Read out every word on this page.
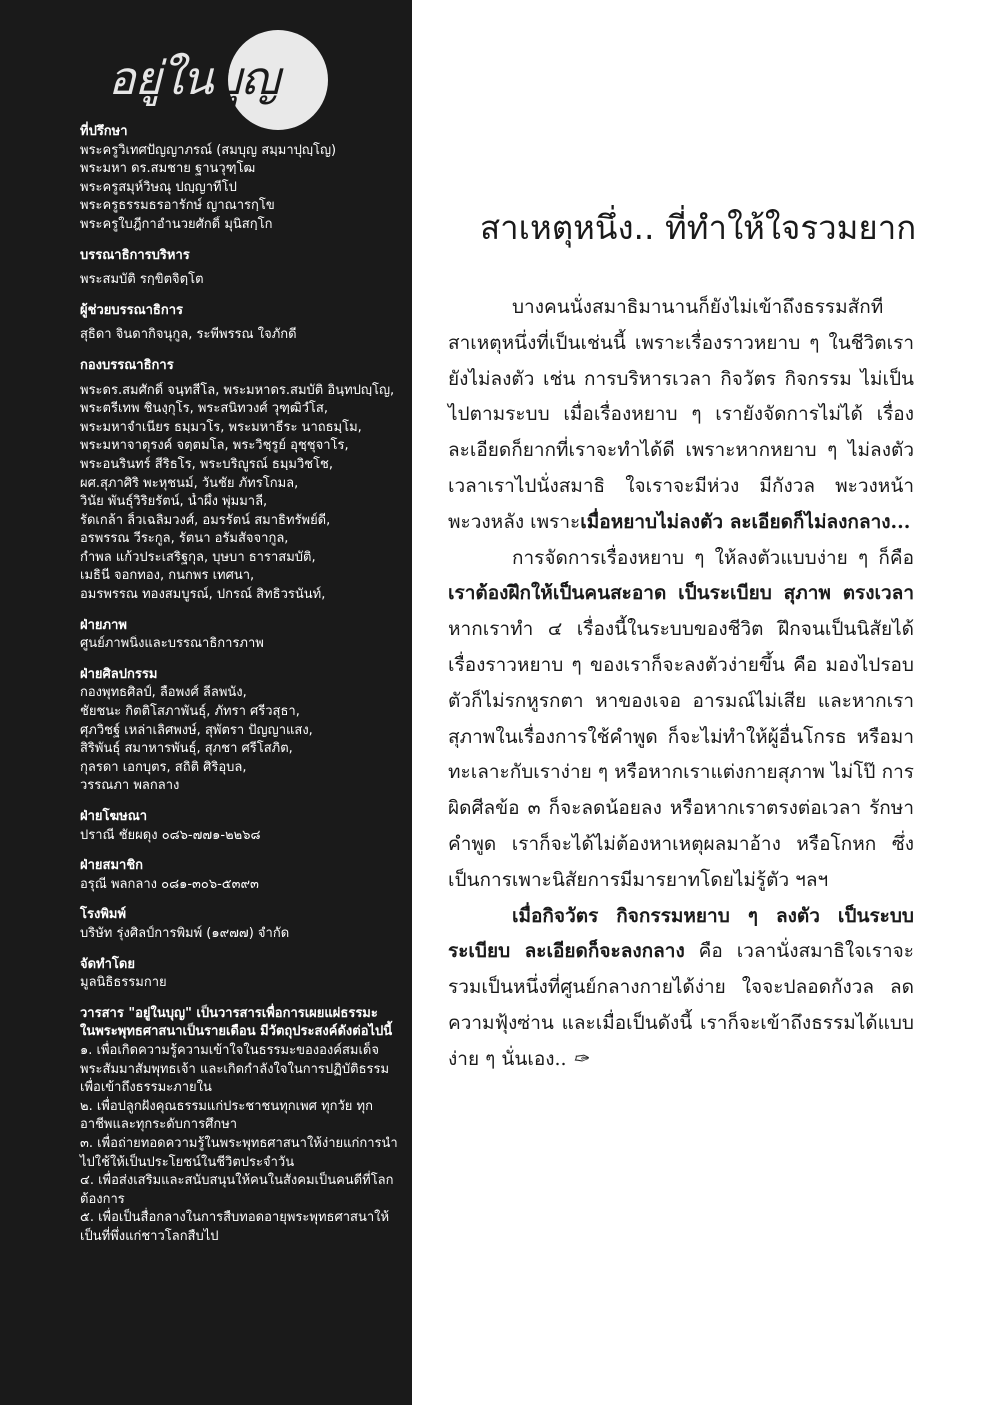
อยู่ในบุญ

ที่ปรึกษา

พระครูวิเทศปัญญาภรณ์ (สมบุญ สมฺมาปุญฺโญ)

พระมหา ดร.สมชาย ฐานวุฑฺโฒ

พระครูสมุห์วิษณุ ปญฺญาทีโป

พระครูธรรมธรอารักษ์ ญาณารกฺโข

พระครูใบฎีกาอำนวยศักดิ์ มุนิสกฺโก

บรรณาธิการบริหาร

พระสมบัติ รกฺขิตจิตฺโต

ผู้ช่วยบรรณาธิการ

สุธิดา จินดากิจนุกูล, ระพีพรรณ ใจภักดี

กองบรรณาธิการ

พระดร.สมศักดิ์ จนฺทสีโล, พระมหาดร.สมบัติ อินฺทปญฺโญ,

พระตรีเทพ ชินงฺกุโร, พระสนิทวงศ์ วุฑฺฒิวํโส,

พระมหาจำเนียร ธมฺมวโร, พระมหาธีระ นาถธมฺโม,

พระมหาจาตุรงค์ จตฺตมโล, พระวิชฺรูย์ อุชฺชุจาโร,

พระอนรินทร์ สีริธโร, พระบริญูรณ์ ธมฺมวิชโช,

ผศ.สุภาศิริ พะหุชนม์, วันชัย ภัทรโกมล,

วินัย พันธุ์วิริยรัตน์, น้ำผึ้ง พุ่มมาลี,

รัดเกล้า ลิ้วเฉลิมวงศ์, อมรรัตน์ สมาธิทรัพย์ดี,

อรพรรณ วีระกูล, รัตนา อรัมสัจจากูล,

กำพล แก้วประเสริฐกุล, บุษบา ธาราสมบัติ,

เมธินี จอกทอง, กนกพร เทศนา,

อมรพรรณ ทองสมบูรณ์, ปกรณ์ สิทธิวรนันท์,

ฝ่ายภาพ

ศูนย์ภาพนิ่งและบรรณาธิการภาพ

ฝ่ายศิลปกรรม

กองพุทธศิลป์, ลือพงศ์ ลีลพนัง,

ชัยชนะ กิตติโสภาพันธุ์, ภัทรา ศรีวสุธา,

ศุภวิชฐ์ เหล่าเลิศพงษ์, สุพัตรา ปัญญาแสง,

สิริพันธุ์ สมาหารพันธุ์, สุภชา ศรีโสภิต,

กุลรดา เอกบุตร, สถิติ ศิริอุบล,

วรรณภา พลกลาง

ฝ่ายโฆษณา

ปราณี ชัยผดุง ๐๘๖-๗๗๑-๒๒๖๘

ฝ่ายสมาชิก

อรุณี พลกลาง ๐๘๑-๓๐๖-๕๓๙๓

โรงพิมพ์

บริษัท รุ่งศิลป์การพิมพ์ (๑๙๗๗) จำกัด

จัดทำโดย

มูลนิธิธรรมกาย

วารสาร "อยู่ในบุญ" เป็นวารสารเพื่อการเผยแผ่ธรรมะ

ในพระพุทธศาสนาเป็นรายเดือน มีวัตถุประสงค์ดังต่อไปนี้

๑. เพื่อเกิดความรู้ความเข้าใจในธรรมะขององค์สมเด็จพระสัมมาสัมพุทธเจ้า และเกิดกำลังใจในการปฏิบัติธรรม เพื่อเข้าถึงธรรมะภายใน

๒. เพื่อปลูกฝังคุณธรรมแก่ประชาชนทุกเพศ ทุกวัย ทุกอาชีพและทุกระดับการศึกษา

๓. เพื่อถ่ายทอดความรู้ในพระพุทธศาสนาให้ง่ายแก่การนำไปใช้ให้เป็นประโยชน์ในชีวิตประจำวัน

๔. เพื่อส่งเสริมและสนับสนุนให้คนในสังคมเป็นคนดีที่โลกต้องการ

๕. เพื่อเป็นสื่อกลางในการสืบทอดอายุพระพุทธศาสนาให้เป็นที่พึ่งแก่ชาวโลกสืบไป

สาเหตุหนึ่ง.. ที่ทำให้ใจรวมยาก

บางคนนั่งสมาธิมานานก็ยังไม่เข้าถึงธรรมสักที สาเหตุหนึ่งที่เป็นเช่นนี้ เพราะเรื่องราวหยาบ ๆ ในชีวิตเรายังไม่ลงตัว เช่น การบริหารเวลา กิจวัตร กิจกรรม ไม่เป็นไปตามระบบ เมื่อเรื่องหยาบ ๆ เรายังจัดการไม่ได้ เรื่องละเอียดก็ยากที่เราจะทำได้ดี เพราะหากหยาบ ๆ ไม่ลงตัว เวลาเราไปนั่งสมาธิ ใจเราจะมีห่วง มีกังวล พะวงหน้าพะวงหลัง เพราะเมื่อหยาบไม่ลงตัว ละเอียดก็ไม่ลงกลาง...

การจัดการเรื่องหยาบ ๆ ให้ลงตัวแบบง่าย ๆ ก็คือ เราต้องฝึกให้เป็นคนสะอาด เป็นระเบียบ สุภาพ ตรงเวลา หากเราทำ ๔ เรื่องนี้ในระบบของชีวิต ฝึกจนเป็นนิสัยได้ เรื่องราวหยาบ ๆ ของเราก็จะลงตัวง่ายขึ้น คือ มองไปรอบตัวก็ไม่รกหูรกตา หาของเจอ อารมณ์ไม่เสีย และหากเราสุภาพในเรื่องการใช้คำพูด ก็จะไม่ทำให้ผู้อื่นโกรธ หรือมาทะเลาะกับเราง่าย ๆ หรือหากเราแต่งกายสุภาพ ไม่โป๊ การผิดศีลข้อ ๓ ก็จะลดน้อยลง หรือหากเราตรงต่อเวลา รักษาคำพูด เราก็จะได้ไม่ต้องหาเหตุผลมาอ้าง หรือโกหก ซึ่งเป็นการเพาะนิสัยการมีมารยาทโดยไม่รู้ตัว ฯลฯ

เมื่อกิจวัตร กิจกรรมหยาบ ๆ ลงตัว เป็นระบบระเบียบ ละเอียดก็จะลงกลาง คือ เวลานั่งสมาธิใจเราจะรวมเป็นหนึ่งที่ศูนย์กลางกายได้ง่าย ใจจะปลอดกังวล ลดความฟุ้งซ่าน และเมื่อเป็นดังนี้ เราก็จะเข้าถึงธรรมได้แบบง่าย ๆ นั่นเอง.. ✑
